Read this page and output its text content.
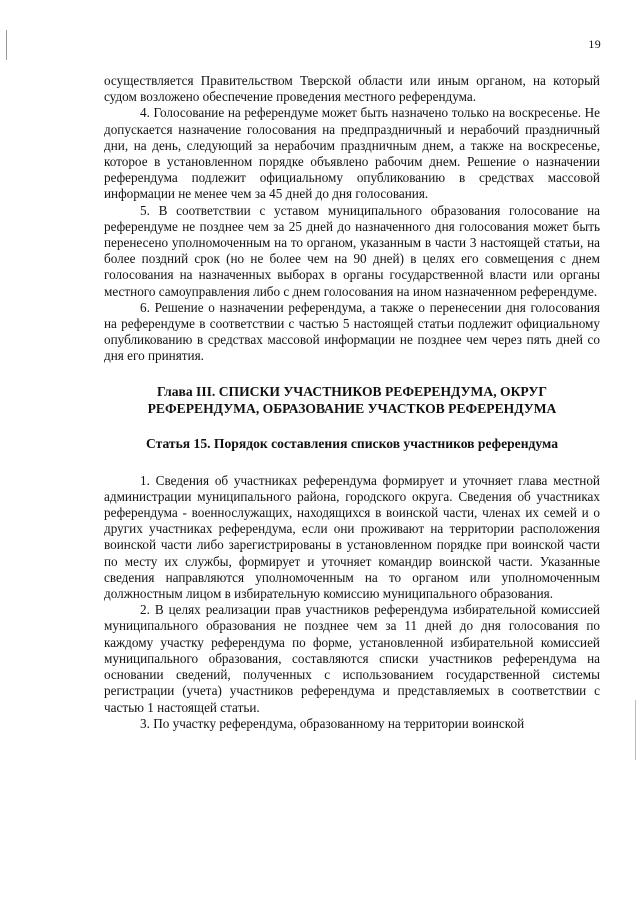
19

осуществляется Правительством Тверской области или иным органом, на который судом возложено обеспечение проведения местного референдума.

4. Голосование на референдуме может быть назначено только на воскресенье. Не допускается назначение голосования на предпраздничный и нерабочий праздничный дни, на день, следующий за нерабочим праздничным днем, а также на воскресенье, которое в установленном порядке объявлено рабочим днем. Решение о назначении референдума подлежит официальному опубликованию в средствах массовой информации не менее чем за 45 дней до дня голосования.

5. В соответствии с уставом муниципального образования голосование на референдуме не позднее чем за 25 дней до назначенного дня голосования может быть перенесено уполномоченным на то органом, указанным в части 3 настоящей статьи, на более поздний срок (но не более чем на 90 дней) в целях его совмещения с днем голосования на назначенных выборах в органы государственной власти или органы местного самоуправления либо с днем голосования на ином назначенном референдуме.

6. Решение о назначении референдума, а также о перенесении дня голосования на референдуме в соответствии с частью 5 настоящей статьи подлежит официальному опубликованию в средствах массовой информации не позднее чем через пять дней со дня его принятия.

Глава III. СПИСКИ УЧАСТНИКОВ РЕФЕРЕНДУМА, ОКРУГ
РЕФЕРЕНДУМА, ОБРАЗОВАНИЕ УЧАСТКОВ РЕФЕРЕНДУМА
Статья 15. Порядок составления списков участников референдума

1. Сведения об участниках референдума формирует и уточняет глава местной администрации муниципального района, городского округа. Сведения об участниках референдума - военнослужащих, находящихся в воинской части, членах их семей и о других участниках референдума, если они проживают на территории расположения воинской части либо зарегистрированы в установленном порядке при воинской части по месту их службы, формирует и уточняет командир воинской части. Указанные сведения направляются уполномоченным на то органом или уполномоченным должностным лицом в избирательную комиссию муниципального образования.

2. В целях реализации прав участников референдума избирательной комиссией муниципального образования не позднее чем за 11 дней до дня голосования по каждому участку референдума по форме, установленной избирательной комиссией муниципального образования, составляются списки участников референдума на основании сведений, полученных с использованием государственной системы регистрации (учета) участников референдума и представляемых в соответствии с частью 1 настоящей статьи.

3. По участку референдума, образованному на территории воинской
